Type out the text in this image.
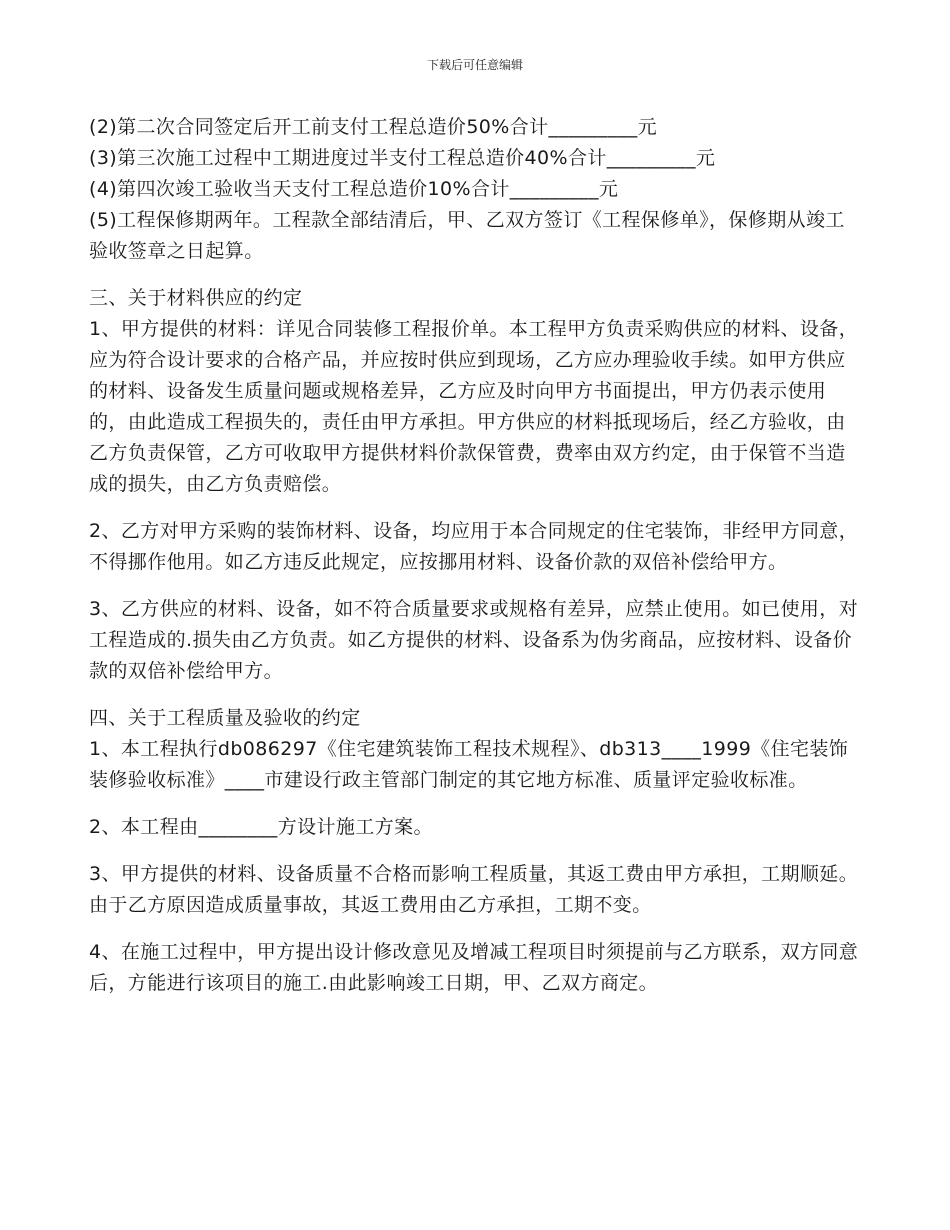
下载后可任意编辑

(2)第二次合同签定后开工前支付工程总造价50%合计_________元

(3)第三次施工过程中工期进度过半支付工程总造价40%合计_________元

(4)第四次竣工验收当天支付工程总造价10%合计_________元

(5)工程保修期两年。工程款全部结清后，甲、乙双方签订《工程保修单》，保修期从竣工验收签章之日起算。

三、关于材料供应的约定

1、甲方提供的材料：详见合同装修工程报价单。本工程甲方负责采购供应的材料、设备，应为符合设计要求的合格产品，并应按时供应到现场，乙方应办理验收手续。如甲方供应的材料、设备发生质量问题或规格差异，乙方应及时向甲方书面提出，甲方仍表示使用的，由此造成工程损失的，责任由甲方承担。甲方供应的材料抵现场后，经乙方验收，由乙方负责保管，乙方可收取甲方提供材料价款保管费，费率由双方约定，由于保管不当造成的损失，由乙方负责赔偿。

2、乙方对甲方采购的装饰材料、设备，均应用于本合同规定的住宅装饰，非经甲方同意，不得挪作他用。如乙方违反此规定，应按挪用材料、设备价款的双倍补偿给甲方。

3、乙方供应的材料、设备，如不符合质量要求或规格有差异，应禁止使用。如已使用，对工程造成的.损失由乙方负责。如乙方提供的材料、设备系为伪劣商品，应按材料、设备价款的双倍补偿给甲方。

四、关于工程质量及验收的约定

1、本工程执行db086297《住宅建筑装饰工程技术规程》、db313____1999《住宅装饰装修验收标准》____市建设行政主管部门制定的其它地方标准、质量评定验收标准。

2、本工程由________方设计施工方案。

3、甲方提供的材料、设备质量不合格而影响工程质量，其返工费由甲方承担，工期顺延。由于乙方原因造成质量事故，其返工费用由乙方承担，工期不变。

4、在施工过程中，甲方提出设计修改意见及增减工程项目时须提前与乙方联系，双方同意后，方能进行该项目的施工.由此影响竣工日期，甲、乙双方商定。
